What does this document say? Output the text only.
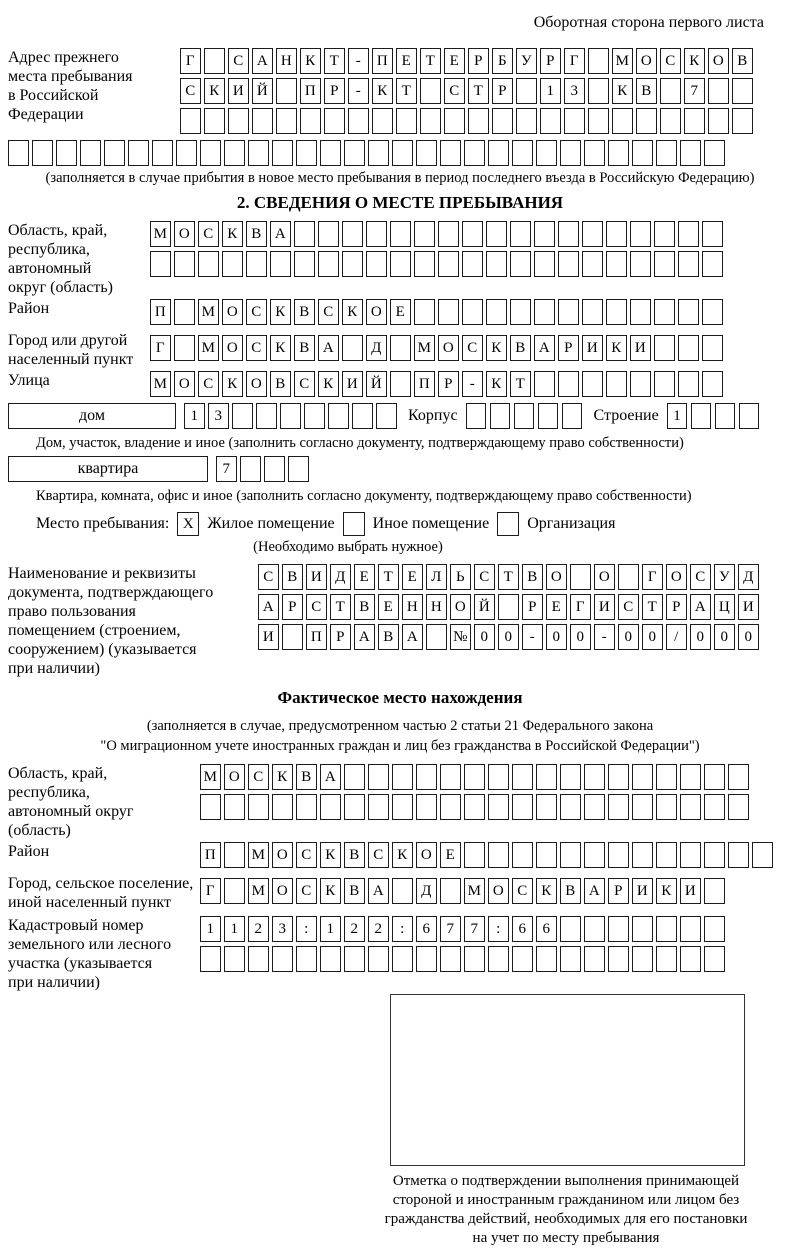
Оборотная сторона первого листа
Адрес прежнего
места пребывания
в Российской
Федерации
Г	С А Н К Т	-	П Е Т Е	Р	Б У Р	Г	М О С К О В
С К И Й	П Р	-	К Т	С Т	Р	1	3	К В	7
(заполняется в случае прибытия в новое место пребывания в период последнего въезда в Российскую Федерацию)
2. СВЕДЕНИЯ О МЕСТЕ ПРЕБЫВАНИЯ
Область, край,
республика,
автономный
округ (область)
М О С К В А
Район	П	М О С К В С К О Е
Город или другой
населенный пункт
Г	М О С К В А	Д	М О С К В А Р И К И
Улица	М О С К О В С К И Й	П Р	-	К Т
дом	1	3	Корпус	Строение 1
Дом, участок, владение и иное (заполнить согласно документу, подтверждающему право собственности)
квартира	7
Квартира, комната, офис и иное (заполнить согласно документу, подтверждающему право собственности)
Место пребывания: X Жилое помещение Иное помещение Организация
(Необходимо выбрать нужное)
Наименование и реквизиты
документа, подтверждающего
право пользования
помещением (строением,
сооружением) (указывается
при наличии)
С В И Д Е Т Е Л Ь С Т В О	О	Г О С У Д
А Р С Т В Е Н Н О Й	Р	Е	Г И С Т	Р А Ц И
И	П Р А В А	№ 0	0	-	0	0	-	0	0	/	0	0	0
Фактическое место нахождения
(заполняется в случае, предусмотренном частью 2 статьи 21 Федерального закона
"О миграционном учете иностранных граждан и лиц без гражданства в Российской Федерации")
Область, край,
республика,
автономный округ
(область)
М О С К В А
Район	П	М О С К В С К О Е
Город, сельское поселение,
иной населенный пункт
Г	М О С К В А	Д	М О С К В А Р И К И
Кадастровый номер
земельного или лесного
участка (указывается
при наличии)
1	1	2	3	:	1	2	2	:	6	7	7	:	6	6
Отметка о подтверждении выполнения принимающей
стороной и иностранным гражданином или лицом без
гражданства действий, необходимых для его постановки
на учет по месту пребывания
